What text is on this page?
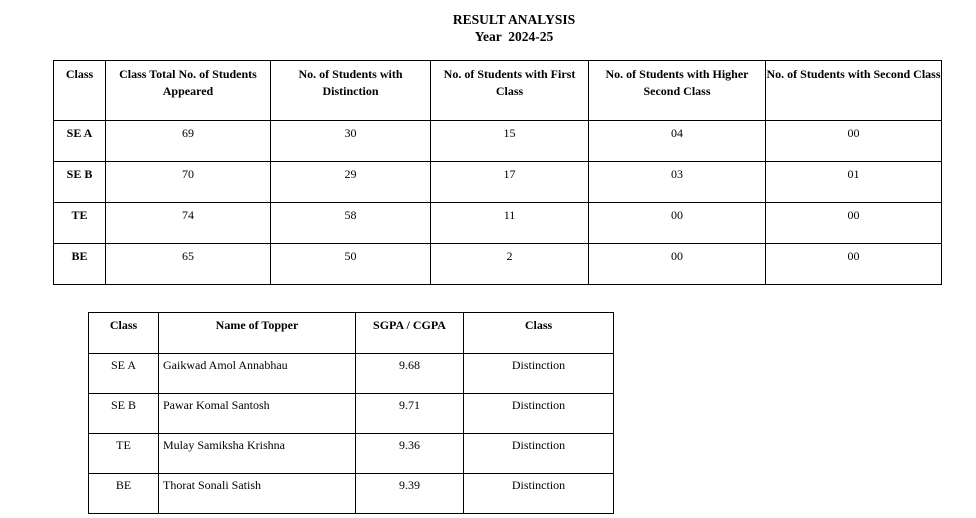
RESULT ANALYSIS
Year  2024-25
Class	Class Total No. of Students Appeared	No. of Students with Distinction	No. of Students with First Class	No. of Students with Higher Second Class	No. of Students with Second Class
SE A	69	30	15	04	00
SE B	70	29	17	03	01
TE	74	58	11	00	00
BE	65	50	2	00	00
Class	Name of Topper	SGPA / CGPA	Class
SE A	Gaikwad Amol Annabhau	9.68	Distinction
SE B	Pawar Komal Santosh	9.71	Distinction
TE	Mulay Samiksha Krishna	9.36	Distinction
BE	Thorat Sonali Satish	9.39	Distinction
